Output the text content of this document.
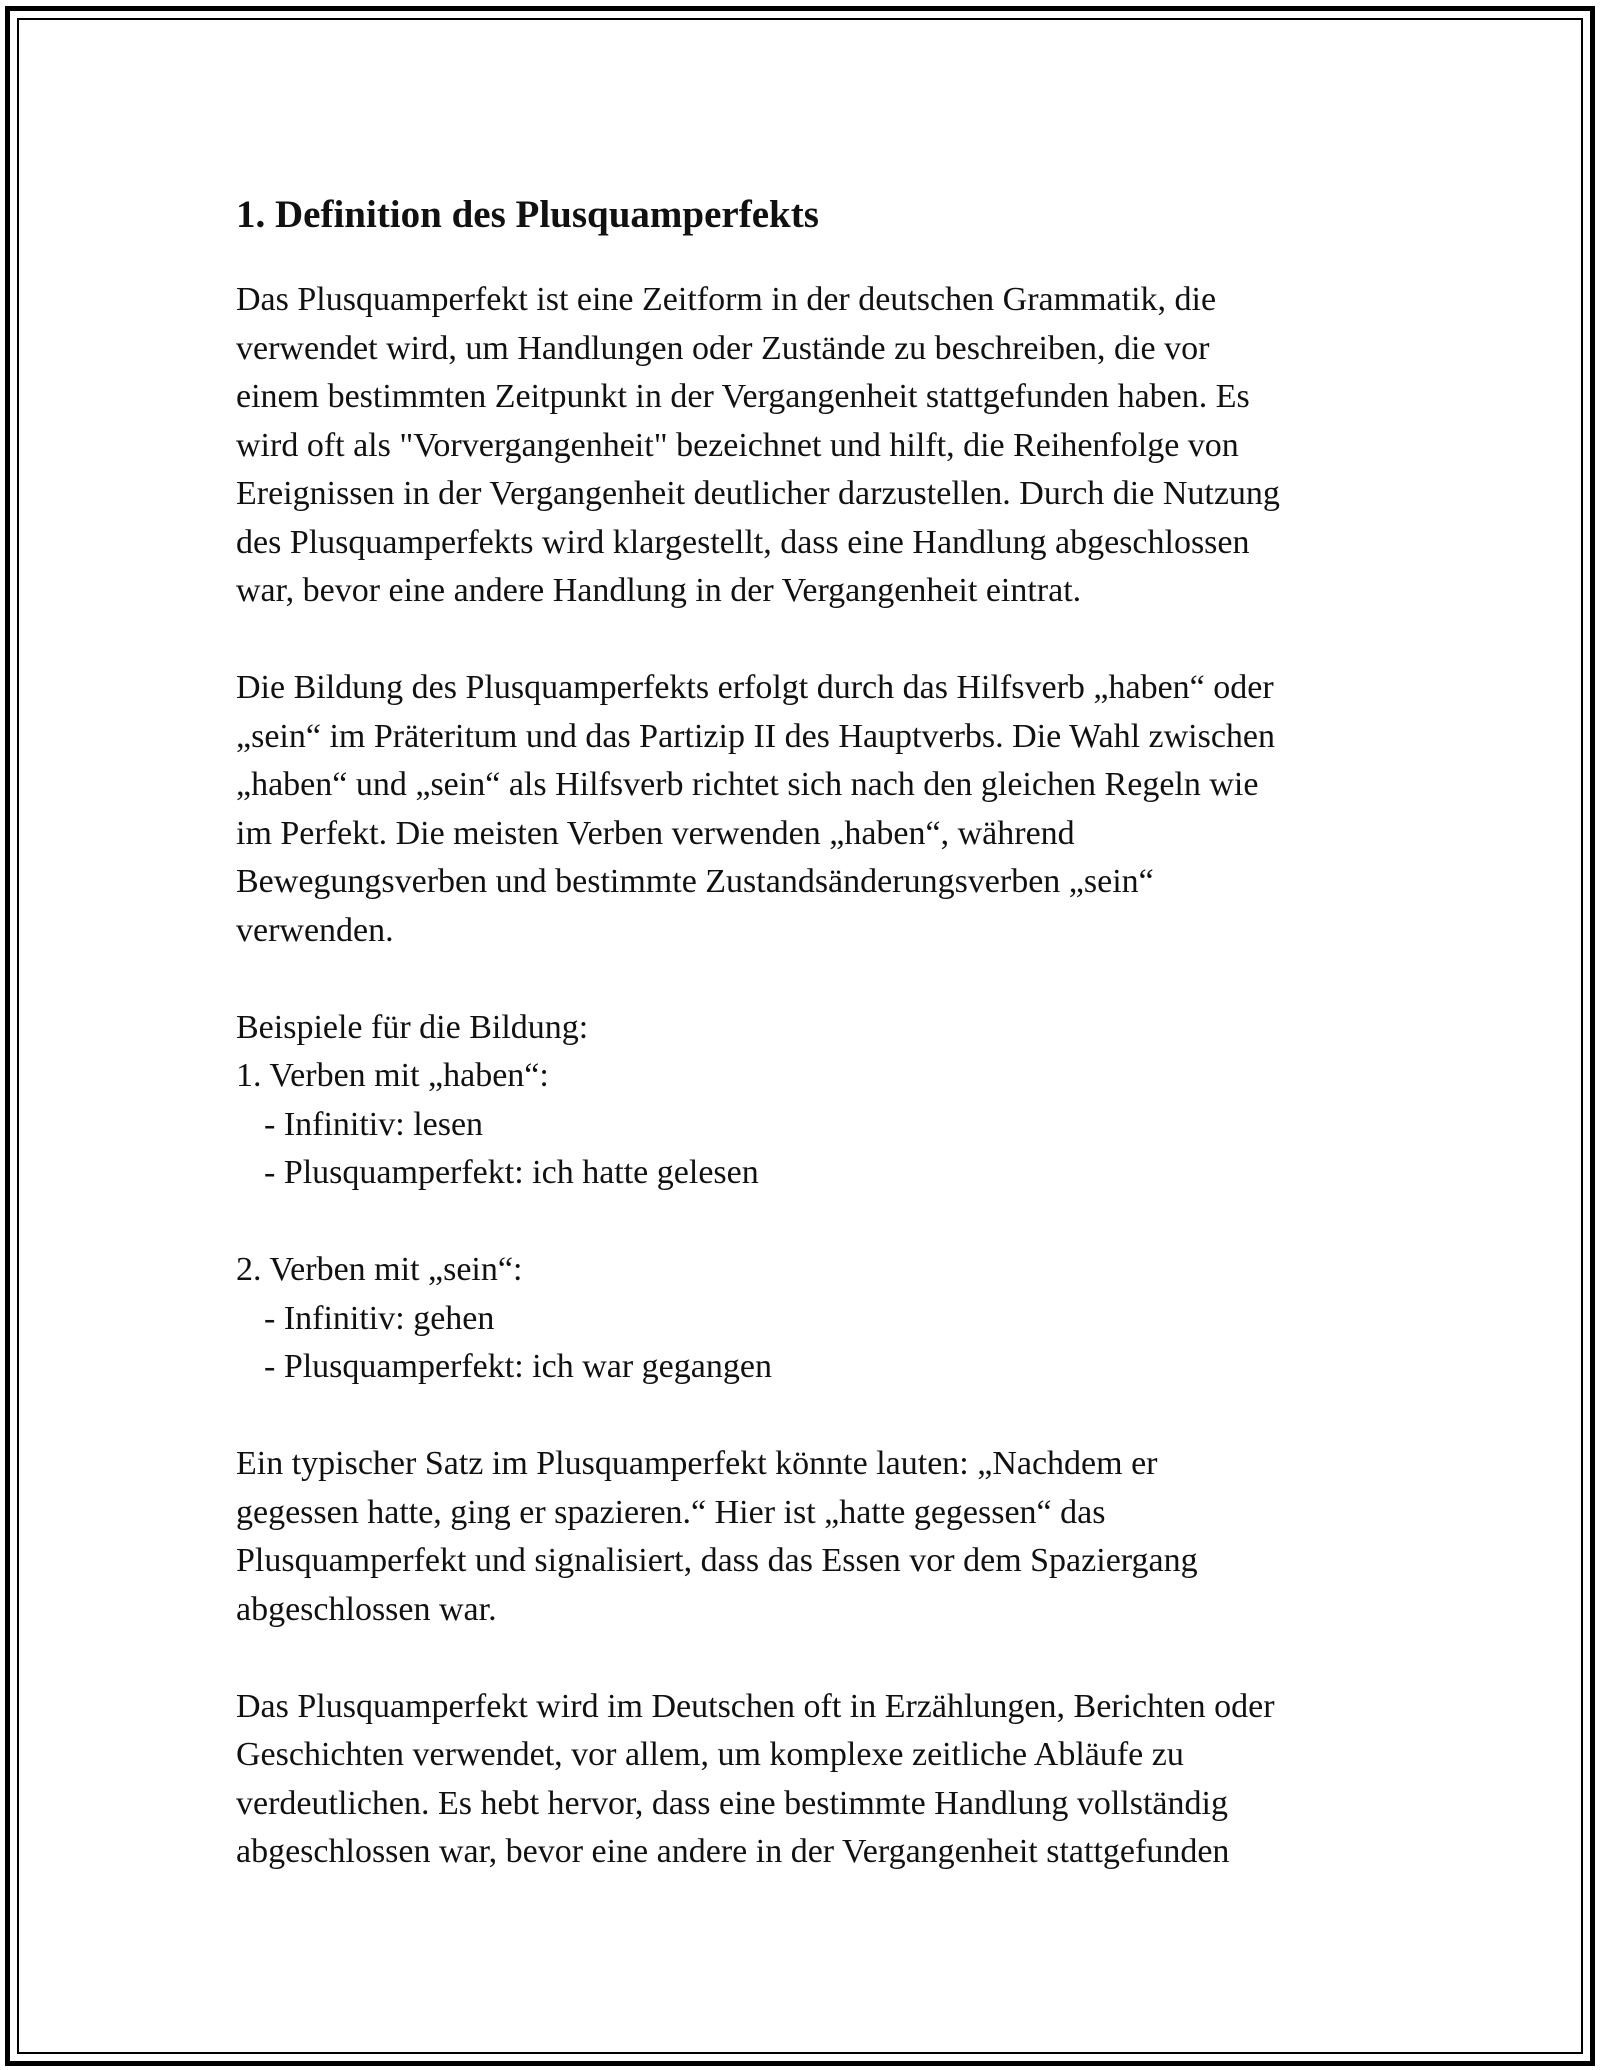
1. Definition des Plusquamperfekts

Das Plusquamperfekt ist eine Zeitform in der deutschen Grammatik, die
verwendet wird, um Handlungen oder Zustände zu beschreiben, die vor
einem bestimmten Zeitpunkt in der Vergangenheit stattgefunden haben. Es
wird oft als "Vorvergangenheit" bezeichnet und hilft, die Reihenfolge von
Ereignissen in der Vergangenheit deutlicher darzustellen. Durch die Nutzung
des Plusquamperfekts wird klargestellt, dass eine Handlung abgeschlossen
war, bevor eine andere Handlung in der Vergangenheit eintrat.

Die Bildung des Plusquamperfekts erfolgt durch das Hilfsverb „haben“ oder
„sein“ im Präteritum und das Partizip II des Hauptverbs. Die Wahl zwischen
„haben“ und „sein“ als Hilfsverb richtet sich nach den gleichen Regeln wie
im Perfekt. Die meisten Verben verwenden „haben“, während
Bewegungsverben und bestimmte Zustandsänderungsverben „sein“
verwenden.

Beispiele für die Bildung:
1. Verben mit „haben“:
- Infinitiv: lesen
- Plusquamperfekt: ich hatte gelesen
2. Verben mit „sein“:
- Infinitiv: gehen
- Plusquamperfekt: ich war gegangen

Ein typischer Satz im Plusquamperfekt könnte lauten: „Nachdem er
gegessen hatte, ging er spazieren.“ Hier ist „hatte gegessen“ das
Plusquamperfekt und signalisiert, dass das Essen vor dem Spaziergang
abgeschlossen war.

Das Plusquamperfekt wird im Deutschen oft in Erzählungen, Berichten oder
Geschichten verwendet, vor allem, um komplexe zeitliche Abläufe zu
verdeutlichen. Es hebt hervor, dass eine bestimmte Handlung vollständig
abgeschlossen war, bevor eine andere in der Vergangenheit stattgefunden
